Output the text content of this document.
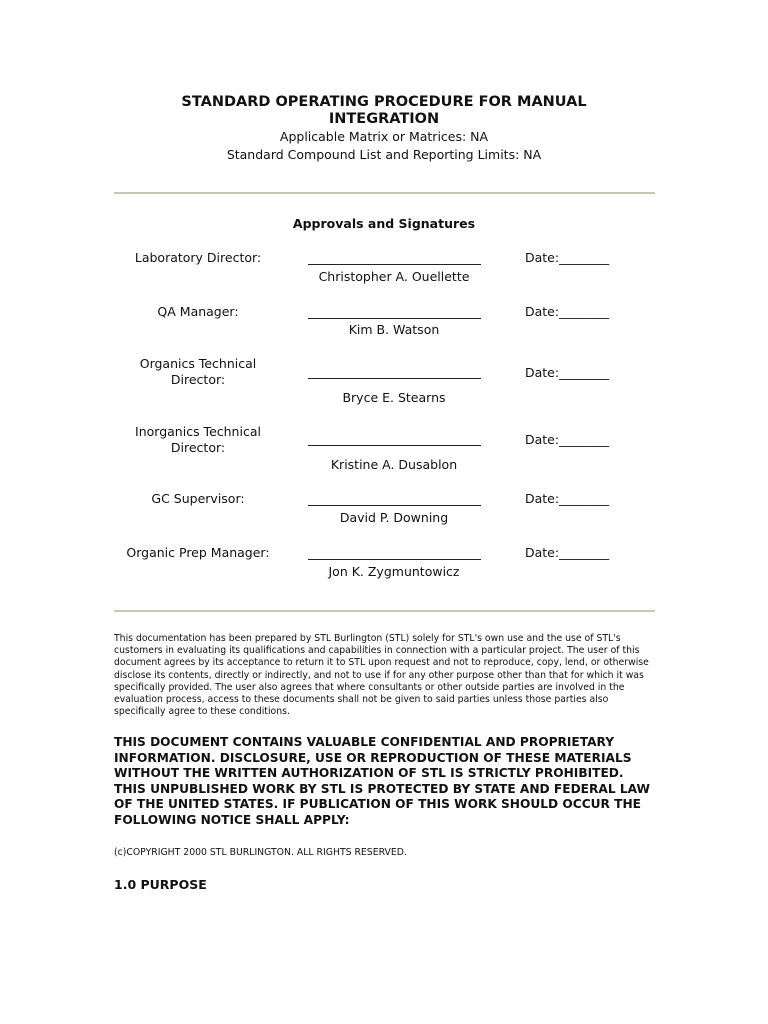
STANDARD OPERATING PROCEDURE FOR MANUAL
INTEGRATION
Applicable Matrix or Matrices: NA
Standard Compound List and Reporting Limits: NA
Approvals and Signatures
Laboratory Director:
Christopher A. Ouellette
Date:________
QA Manager:
Kim B. Watson
Date:________
Organics Technical
Director:
Bryce E. Stearns
Date:________
Inorganics Technical
Director:
Kristine A. Dusablon
Date:________
GC Supervisor:
David P. Downing
Date:________
Organic Prep Manager:
Jon K. Zygmuntowicz
Date:________

This documentation has been prepared by STL Burlington (STL) solely for STL's own use and the use of STL's customers in evaluating its qualifications and capabilities in connection with a particular project. The user of this document agrees by its acceptance to return it to STL upon request and not to reproduce, copy, lend, or otherwise disclose its contents, directly or indirectly, and not to use if for any other purpose other than that for which it was specifically provided. The user also agrees that where consultants or other outside parties are involved in the evaluation process, access to these documents shall not be given to said parties unless those parties also specifically agree to these conditions.

THIS DOCUMENT CONTAINS VALUABLE CONFIDENTIAL AND PROPRIETARY INFORMATION. DISCLOSURE, USE OR REPRODUCTION OF THESE MATERIALS WITHOUT THE WRITTEN AUTHORIZATION OF STL IS STRICTLY PROHIBITED. THIS UNPUBLISHED WORK BY STL IS PROTECTED BY STATE AND FEDERAL LAW OF THE UNITED STATES. IF PUBLICATION OF THIS WORK SHOULD OCCUR THE FOLLOWING NOTICE SHALL APPLY:

(c)COPYRIGHT 2000 STL BURLINGTON. ALL RIGHTS RESERVED.

1.0 PURPOSE
